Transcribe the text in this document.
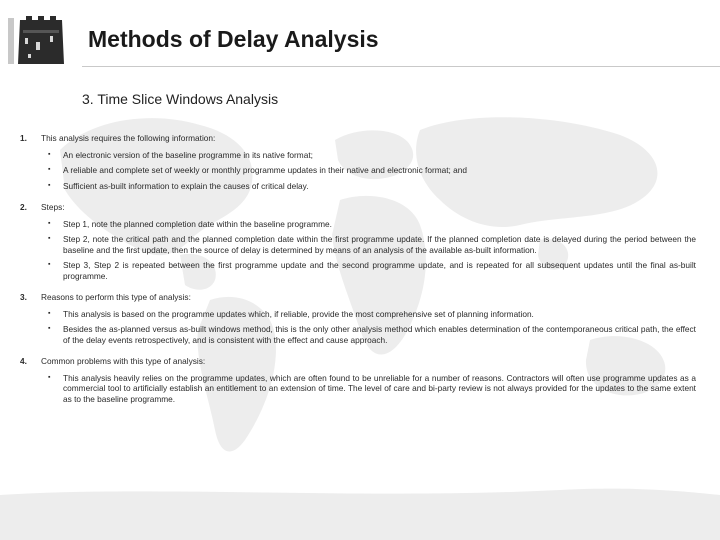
Methods of Delay Analysis
3. Time Slice Windows Analysis
1.	This analysis requires the following information:
▪	An electronic version of the baseline programme in its native format;
▪	A reliable and complete set of weekly or monthly programme updates in their native and electronic format; and
▪	Sufficient as-built information to explain the causes of critical delay.
2.	Steps:
▪	Step 1, note the planned completion date within the baseline programme.
▪	Step 2, note the critical path and the planned completion date within the first programme update. If the planned completion date is delayed during the period between the baseline and the first update, then the source of delay is determined by means of an analysis of the available as-built information.
▪	Step 3, Step 2 is repeated between the first programme update and the second programme update, and is repeated for all subsequent updates until the final as-built programme.
3.	Reasons to perform this type of analysis:
▪	This analysis is based on the programme updates which, if reliable, provide the most comprehensive set of planning information.
▪	Besides the as-planned versus as-built windows method, this is the only other analysis method which enables determination of the contemporaneous critical path, the effect of the delay events retrospectively, and is consistent with the effect and cause approach.
4.	Common problems with this type of analysis:
▪	This analysis heavily relies on the programme updates, which are often found to be unreliable for a number of reasons. Contractors will often use programme updates as a commercial tool to artificially establish an entitlement to an extension of time. The level of care and bi-party review is not always provided for the updates to the same extent as to the baseline programme.
